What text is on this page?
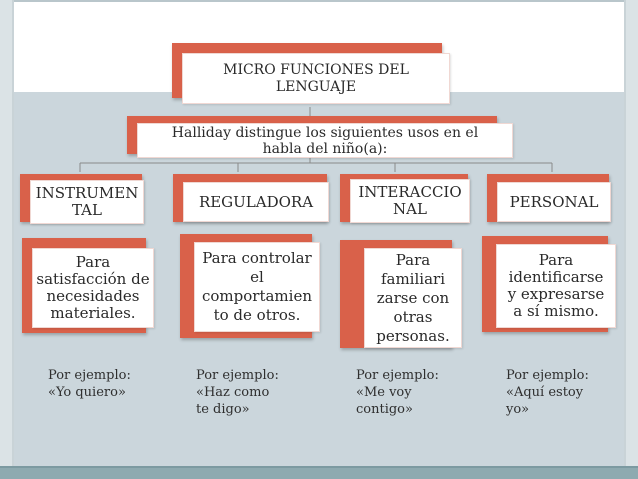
MICRO FUNCIONES DEL
LENGUAJE
Halliday distingue los siguientes usos en el
habla del niño(a):
INSTRUMEN
TAL
Para
satisfacción de
necesidades
materiales.
Por ejemplo:
«Yo quiero»
REGULADORA
Para controlar
el
comportamien
to de otros.
Por ejemplo:
«Haz como
te digo»
INTERACCIO
NAL
Para
familiari
zarse con
otras
personas.
Por ejemplo:
«Me voy
contigo»
PERSONAL
Para
identificarse
y expresarse
a sí mismo.
Por ejemplo:
«Aquí estoy
yo»
